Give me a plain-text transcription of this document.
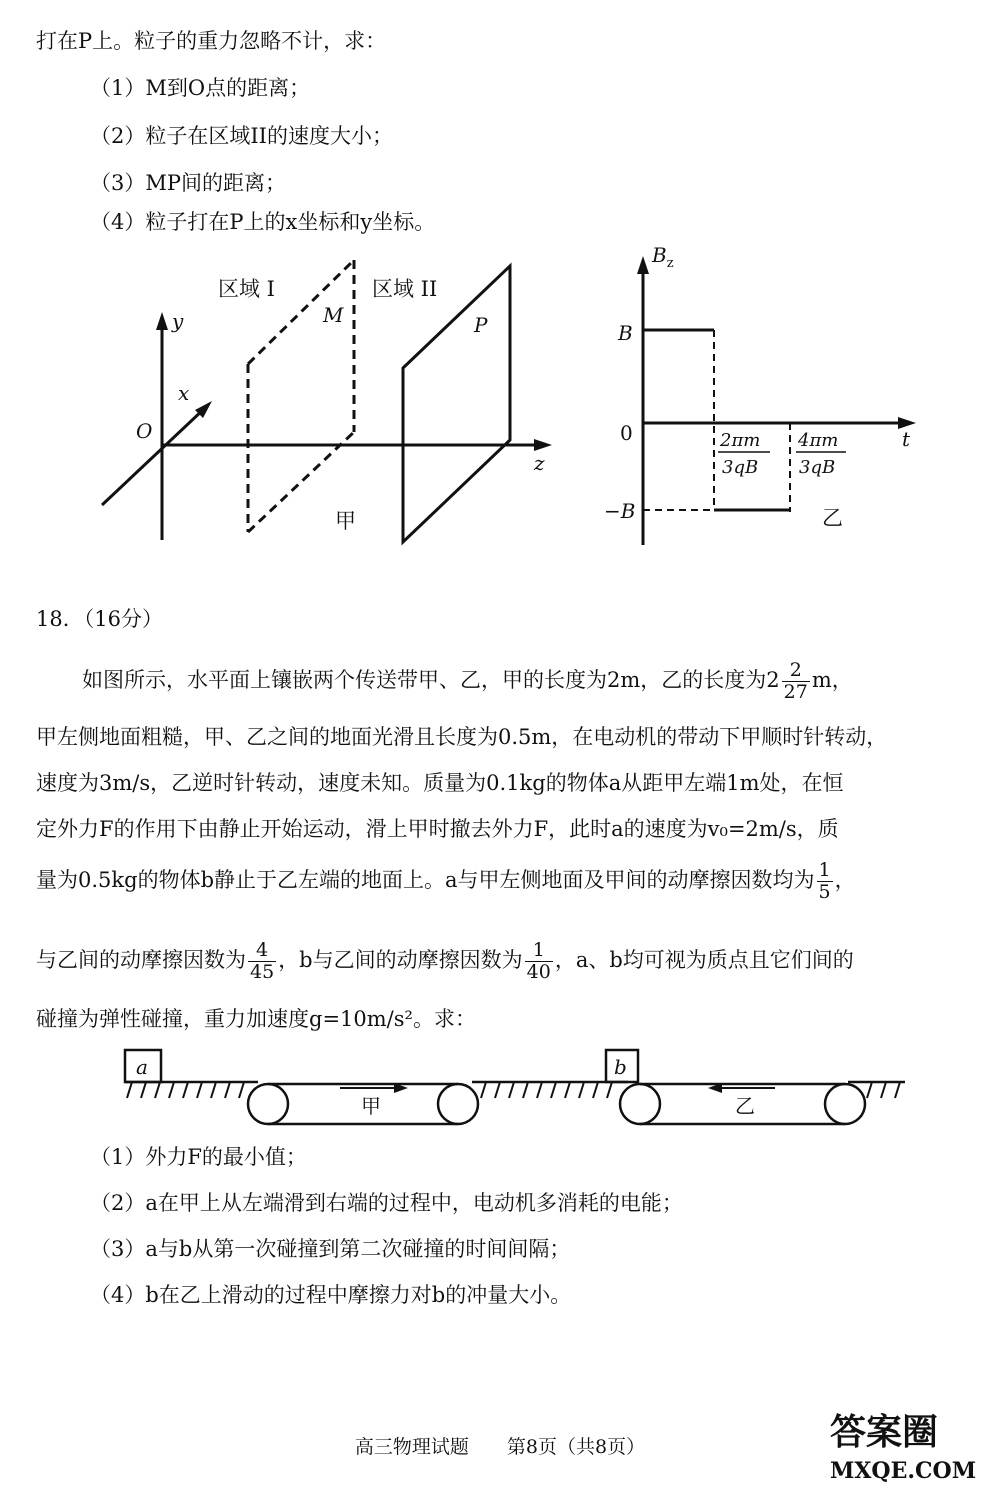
打在P上。粒子的重力忽略不计，求：
（1）M到O点的距离；
（2）粒子在区域II的速度大小；
（3）MP间的距离；
（4）粒子打在P上的x坐标和y坐标。
区域 I	区域 II
M	P
y
x
z
O
甲
$B_z$
B
0
−B
t
2πm
3qB
4πm
3qB
乙
18．（16分）
如图所示，水平面上镶嵌两个传送带甲、乙，甲的长度为2m，乙的长度为$2 \frac{2}{27}$ m，
甲左侧地面粗糙，甲、乙之间的地面光滑且长度为0.5m，在电动机的带动下甲顺时针转动，
速度为3m/s，乙逆时针转动，速度未知。质量为0.1kg的物体a从距甲左端1m处，在恒
定外力F的作用下由静止开始运动，滑上甲时撤去外力F，此时a的速度为v₀=2m/s，质
量为0.5kg的物体b静止于乙左端的地面上。a与甲左侧地面及甲间的动摩擦因数均为 $\frac{1}{5}$ ，
与乙间的动摩擦因数为 $\frac{4}{45}$ ，b与乙间的动摩擦因数为 $\frac{1}{40}$ ，a、b均可视为质点且它们间的
碰撞为弹性碰撞，重力加速度g=10m/s²。求：
a	b
甲	乙
（1）外力F的最小值；
（2）a在甲上从左端滑到右端的过程中，电动机多消耗的电能；
（3）a与b从第一次碰撞到第二次碰撞的时间间隔；
（4）b在乙上滑动的过程中摩擦力对b的冲量大小。
高三物理试题　　第8页（共8页）	答案圈
MXQE.COM
